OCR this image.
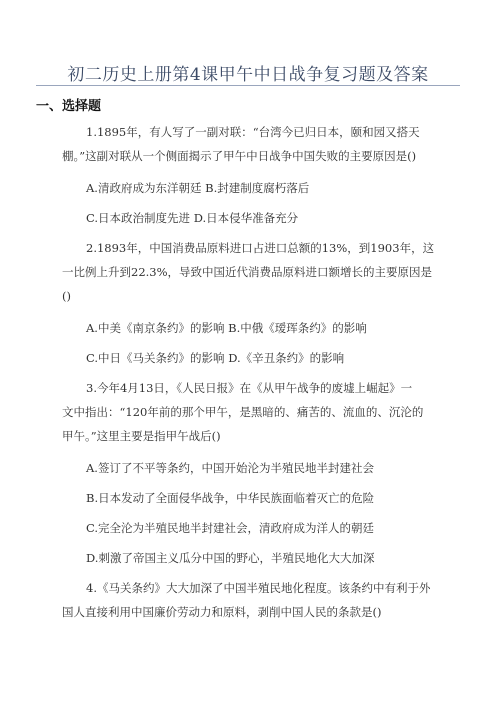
初二历史上册第4课甲午中日战争复习题及答案
一、选择题
1.1895年，有人写了一副对联：“台湾今已归日本，颐和园又搭天
棚。”这副对联从一个侧面揭示了甲午中日战争中国失败的主要原因是()
A.清政府成为东洋朝廷 B.封建制度腐朽落后
C.日本政治制度先进 D.日本侵华准备充分
2.1893年，中国消费品原料进口占进口总额的13%，到1903年，这
一比例上升到22.3%，导致中国近代消费品原料进口额增长的主要原因是
()
A.中美《南京条约》的影响 B.中俄《瑷珲条约》的影响
C.中日《马关条约》的影响 D.《辛丑条约》的影响
3.今年4月13日，《人民日报》在《从甲午战争的废墟上崛起》一
文中指出：“120年前的那个甲午，是黑暗的、痛苦的、流血的、沉沦的
甲午。”这里主要是指甲午战后()
A.签订了不平等条约，中国开始沦为半殖民地半封建社会
B.日本发动了全面侵华战争，中华民族面临着灭亡的危险
C.完全沦为半殖民地半封建社会，清政府成为洋人的朝廷
D.刺激了帝国主义瓜分中国的野心，半殖民地化大大加深
4.《马关条约》大大加深了中国半殖民地化程度。该条约中有利于外
国人直接利用中国廉价劳动力和原料，剥削中国人民的条款是()
